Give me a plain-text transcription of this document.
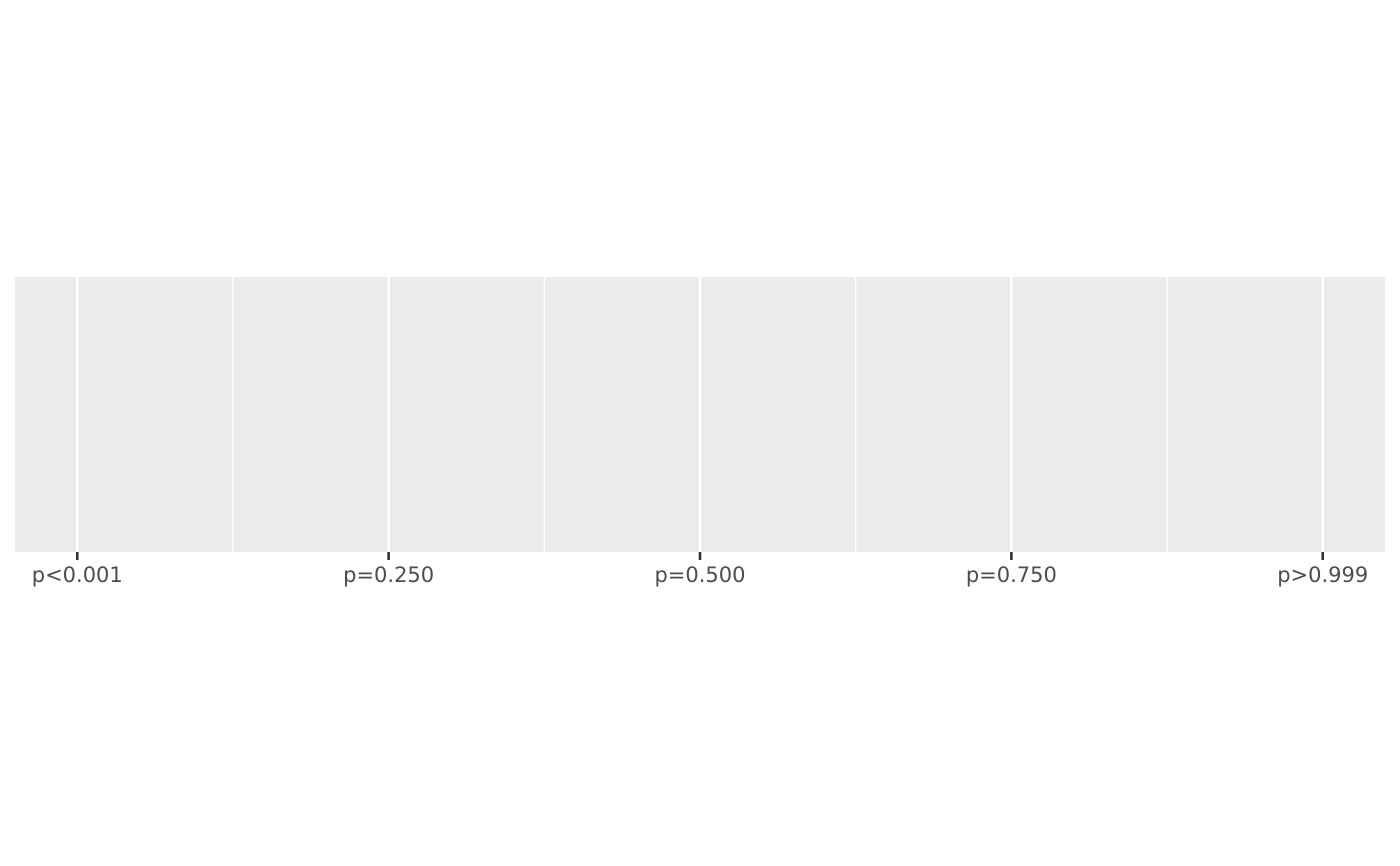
p<0.001	p=0.250	p=0.500	p=0.750	p>0.999
